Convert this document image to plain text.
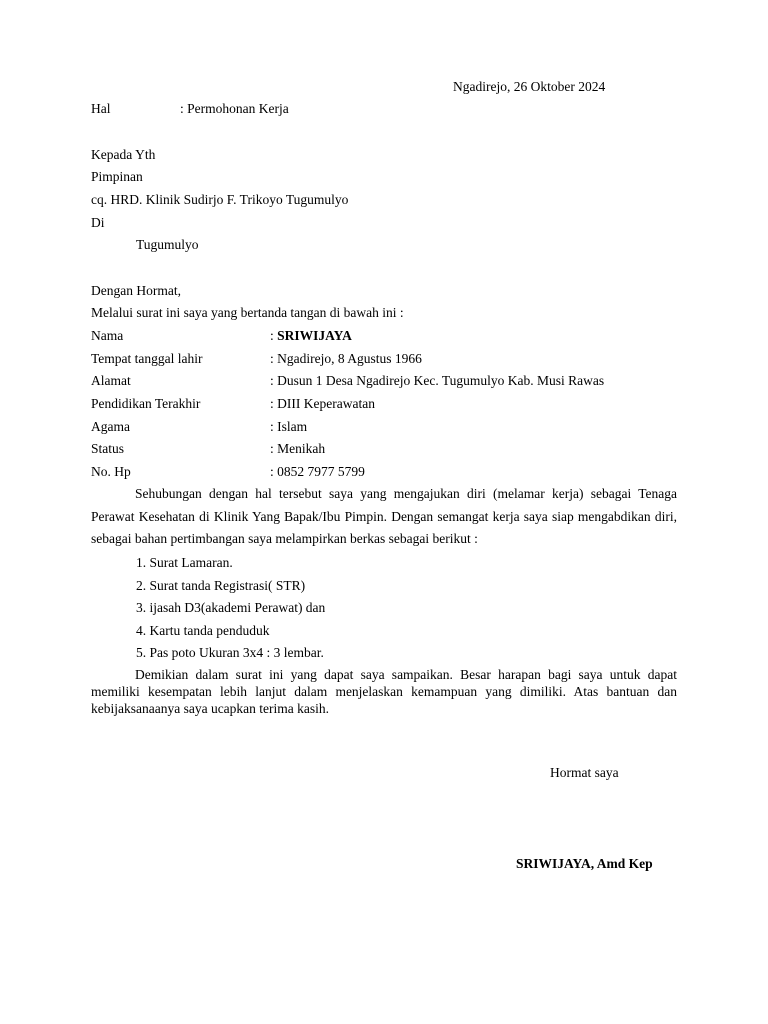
Ngadirejo, 26 Oktober 2024
Hal	: Permohonan Kerja
Kepada Yth
Pimpinan
cq. HRD. Klinik Sudirjo F. Trikoyo Tugumulyo
Di
Tugumulyo
Dengan Hormat,
Melalui surat ini saya yang bertanda tangan di bawah ini :
Nama	: SRIWIJAYA
Tempat tanggal lahir	: Ngadirejo, 8 Agustus 1966
Alamat	: Dusun 1 Desa Ngadirejo Kec. Tugumulyo Kab. Musi Rawas
Pendidikan Terakhir	: DIII Keperawatan
Agama	: Islam
Status	: Menikah
No. Hp	: 0852 7977 5799
Sehubungan dengan hal tersebut saya yang mengajukan diri (melamar kerja) sebagai Tenaga Perawat Kesehatan di Klinik Yang Bapak/Ibu Pimpin. Dengan semangat kerja saya siap mengabdikan diri, sebagai bahan pertimbangan saya melampirkan berkas sebagai berikut :
1. Surat Lamaran.
2. Surat tanda Registrasi( STR)
3. ijasah D3(akademi Perawat) dan
4. Kartu tanda penduduk
5. Pas poto Ukuran 3x4 : 3 lembar.
Demikian dalam surat ini yang dapat saya sampaikan. Besar harapan bagi saya untuk dapat memiliki kesempatan lebih lanjut dalam menjelaskan kemampuan yang dimiliki. Atas bantuan dan kebijaksanaanya saya ucapkan terima kasih.
Hormat saya
SRIWIJAYA, Amd Kep
